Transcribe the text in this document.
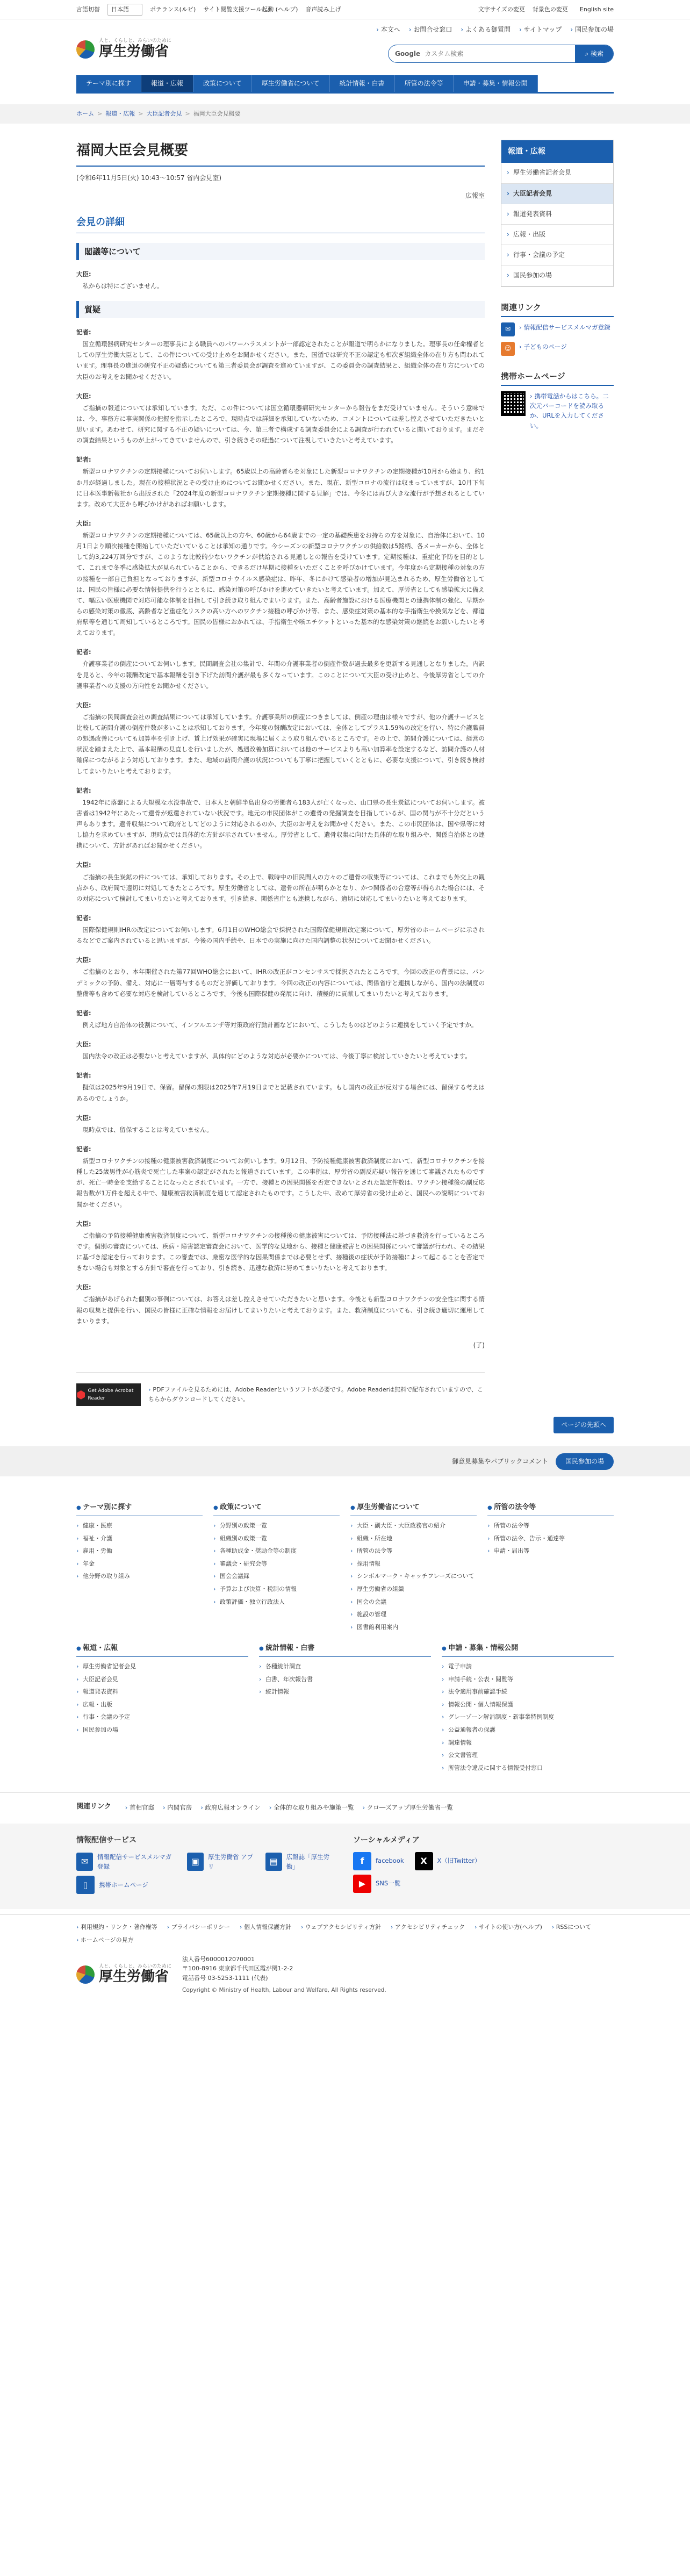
言語切替	日本語	ポテランス(ルビ) サイト閲覧支援ツール起動 (ヘルプ) 音声読み上げ	文字サイズの変更 背景色の変更 English site
人と、くらしと、みらいのために
厚生労働省
› 本文へ	› お問合せ窓口	› よくある御質問	› サイトマップ	› 国民参加の場
Google
カスタム検索	⌕ 検索
テーマ別に探す	報道・広報	政策について	厚生労働省について	統計情報・白書	所管の法令等	申請・募集・情報公開
ホーム > 報道・広報 > 大臣記者会見 > 福岡大臣会見概要
福岡大臣会見概要
(令和6年11月5日(火) 10:43〜10:57 省内会見室)
広報室
会見の詳細
閣議等について
大臣:

私からは特にございません。

質疑
記者:

国立循環器病研究センターの理事長による職員へのパワーハラスメントが一部認定されたことが報道で明らかになりました。理事長の任命権者としての厚生労働大臣として、この件についての受け止めをお聞かせください。また、国循では研究不正の認定も相次ぎ組織全体の在り方も問われています。理事長の進退の研究不正の疑惑についても第三者委員会が調査を進めていますが、この委員会の調査結果と、組織全体の在り方についての大臣のお考えをお聞かせください。

大臣:

ご指摘の報道については承知しています。ただ、この件については国立循環器病研究センターから報告をまだ受けていません。そういう意味では、今、事務方に事実関係の把握を指示したところで、現時点では詳細を承知していないため、コメントについては差し控えさせていただきたいと思います。あわせて、研究に関する不正の疑いについては、今、第三者で構成する調査委員会による調査が行われていると聞いております。まだその調査結果というものが上がってきていませんので、引き続きその経過について注視していきたいと考えています。

記者:

新型コロナワクチンの定期接種についてお伺いします。65歳以上の高齢者らを対象にした新型コロナワクチンの定期接種が10月から始まり、約1か月が経過しました。現在の接種状況とその受け止めについてお聞かせください。また、現在、新型コロナの流行は収まっていますが、10月下旬に日本医事新報社から出版された「2024年度の新型コロナワクチン定期接種に関する見解」では、今冬には再び大きな流行が予想されるとしています。改めて大臣から呼びかけがあればお願いします。

大臣:

新型コロナワクチンの定期接種については、65歳以上の方や、60歳から64歳までの一定の基礎疾患をお持ちの方を対象に、自治体において、10月1日より順次接種を開始していただいていることは承知の通りです。今シーズンの新型コロナワクチンの供給数は5銘柄、各メーカーから、全体として約3,224万回分ですが、このような比較的少ないワクチンが供給される見通しとの報告を受けています。定期接種は、重症化予防を目的として、これまで冬季に感染拡大が見られていることから、できるだけ早期に接種をいただくことを呼びかけています。今年度から定期接種の対象の方の接種を一部自己負担となっておりますが、新型コロナウイルス感染症は、昨年、冬にかけて感染者の増加が見込まれるため、厚生労働省としては、国民の皆様に必要な情報提供を行うとともに、感染対策の呼びかけを進めていきたいと考えています。加えて、厚労省としても感染拡大に備えて、幅広い医療機関で対応可能な体制を目指して引き続き取り組んでまいります。また、高齢者施設における医療機関との連携体制の強化、早期からの感染対策の徹底、高齢者など重症化リスクの高い方へのワクチン接種の呼びかけ等、また、感染症対策の基本的な手指衛生や換気などを、都道府県等を通じて周知しているところです。国民の皆様におかれては、手指衛生や咳エチケットといった基本的な感染対策の継続をお願いしたいと考えております。

記者:

介護事業者の倒産についてお伺いします。民間調査会社の集計で、年間の介護事業者の倒産件数が過去最多を更新する見通しとなりました。内訳を見ると、今年の報酬改定で基本報酬を引き下げた訪問介護が最も多くなっています。このことについて大臣の受け止めと、今後厚労省としての介護事業者への支援の方向性をお聞かせください。

大臣:

ご指摘の民間調査会社の調査結果については承知しています。介護事業所の倒産につきましては、倒産の理由は様々ですが、他の介護サービスと比較して訪問介護の倒産件数が多いことは承知しております。今年度の報酬改定においては、全体としてプラス1.59%の改定を行い、特に介護職員の処遇改善についても加算率を引き上げ、賃上げ効果が確実に現場に届くよう取り組んでいるところです。その上で、訪問介護については、経営の状況を踏まえた上で、基本報酬の見直しを行いましたが、処遇改善加算においては他のサービスよりも高い加算率を設定するなど、訪問介護の人材確保につながるよう対応しております。また、地域の訪問介護の状況についても丁寧に把握していくとともに、必要な支援について、引き続き検討してまいりたいと考えております。

記者:

1942年に落盤による大規模な水没事故で、日本人と朝鮮半島出身の労働者ら183人が亡くなった、山口県の長生炭鉱についてお伺いします。被害者は1942年にあたって遺骨が返還されていない状況です。地元の市民団体がこの遺骨の発掘調査を目指しているが、国の関与が不十分だという声もあります。遺骨収集について政府としてどのように対応されるのか、大臣のお考えをお聞かせください。また、この市民団体は、国や県等に対し協力を求めていますが、現時点では具体的な方針が示されていません。厚労省として、遺骨収集に向けた具体的な取り組みや、関係自治体との連携について、方針があればお聞かせください。

大臣:

ご指摘の長生炭鉱の件については、承知しております。その上で、戦時中の旧民間人の方々のご遺骨の収集等については、これまでも外交上の観点から、政府間で適切に対処してきたところです。厚生労働省としては、遺骨の所在が明らかとなり、かつ関係者の合意等が得られた場合には、その対応について検討してまいりたいと考えております。引き続き、関係省庁とも連携しながら、適切に対応してまいりたいと考えております。

記者:

国際保健規則IHRの改定についてお伺いします。6月1日のWHO総会で採択された国際保健規則改定案について、厚労省のホームページに示されるなどでご案内されていると思いますが、今後の国内手続や、日本での実施に向けた国内調整の状況についてお聞かせください。

大臣:

ご指摘のとおり、本年開催された第77回WHO総会において、IHRの改正がコンセンサスで採択されたところです。今回の改正の背景には、パンデミックの予防、備え、対応に一層寄与するものだと評価しております。今回の改正の内容については、関係省庁と連携しながら、国内の法制度の整備等も含めて必要な対応を検討しているところです。今後も国際保健の発展に向け、積極的に貢献してまいりたいと考えております。

記者:

例えば地方自治体の役割について、インフルエンザ等対策政府行動計画などにおいて、こうしたものはどのように連携をしていく予定ですか。

大臣:

国内法令の改正は必要ないと考えていますが、具体的にどのような対応が必要かについては、今後丁寧に検討していきたいと考えています。

記者:

擬似は2025年9月19日で、保留。留保の期限は2025年7月19日までと記載されています。もし国内の改正が反対する場合には、留保する考えはあるのでしょうか。

大臣:

現時点では、留保することは考えていません。

記者:

新型コロナワクチンの接種の健康被害救済制度についてお伺いします。9月12日、予防接種健康被害救済制度において、新型コロナワクチンを接種した25歳男性が心筋炎で死亡した事案の認定がされたと報道されています。この事例は、厚労省の副反応疑い報告を通じて審議されたものですが、死亡一時金を支給することになったとされています。一方で、接種との因果関係を否定できないとされた認定件数は、ワクチン接種後の副反応報告数が1万件を超える中で、健康被害救済制度を通じて認定されたものです。こうした中、改めて厚労省の受け止めと、国民への説明についてお聞かせください。

大臣:

ご指摘の予防接種健康被害救済制度について、新型コロナワクチンの接種後の健康被害については、予防接種法に基づき救済を行っているところです。個別の審査については、疾病・障害認定審査会において、医学的な見地から、接種と健康被害との因果関係について審議が行われ、その結果に基づき認定を行っております。この審査では、厳密な医学的な因果関係までは必要とせず、接種後の症状が予防接種によって起こることを否定できない場合も対象とする方針で審査を行っており、引き続き、迅速な救済に努めてまいりたいと考えております。

大臣:

ご指摘があげられた個別の事例については、お答えは差し控えさせていただきたいと思います。今後とも新型コロナワクチンの安全性に関する情報の収集と提供を行い、国民の皆様に正確な情報をお届けしてまいりたいと考えております。また、救済制度についても、引き続き適切に運用してまいります。

(了)
⬢ Get Adobe Acrobat Reader
› PDFファイルを見るためには、Adobe Readerというソフトが必要です。Adobe Readerは無料で配布されていますので、こちらからダウンロードしてください。
報道・広報
› 厚生労働省記者会見
› 大臣記者会見
› 報道発表資料
› 広報・出版
› 行事・会議の予定
› 国民参加の場
関連リンク
✉	› 情報配信サービスメルマガ登録
☺	› 子どものページ
携帯ホームページ
› 携帯電話からはこちら。二次元バーコードを読み取るか、URLを入力してください。
ページの先頭へ
御意見募集やパブリックコメント	国民参加の場
● テーマ別に探す
› 健康・医療
› 福祉・介護
› 雇用・労働
› 年金
› 他分野の取り組み
● 政策について
› 分野別の政策一覧
› 組織別の政策一覧
› 各種助成金・奨励金等の制度
› 審議会・研究会等
› 国会会議録
› 予算および決算・税制の情報
› 政策評価・独立行政法人
● 厚生労働省について
› 大臣・副大臣・大臣政務官の紹介
› 組織・所在地
› 所管の法令等
› 採用情報
› シンボルマーク・キャッチフレーズについて
› 厚生労働省の組織
› 国会の会議
› 施設の管理
› 図書館利用案内
● 所管の法令等
› 所管の法令等
› 所管の法令、告示・通達等
› 申請・届出等
● 報道・広報
› 厚生労働省記者会見
› 大臣記者会見
› 報道発表資料
› 広報・出版
› 行事・会議の予定
› 国民参加の場
● 統計情報・白書
› 各種統計調査
› 白書、年次報告書
› 統計情報
● 申請・募集・情報公開
› 電子申請
› 申請手続・公表・閲覧等
› 法令適用事前確認手続
› 情報公開・個人情報保護
› グレーゾーン解消制度・新事業特例制度
› 公益通報者の保護
› 調達情報
› 公文書管理
› 所管法令違反に関する情報受付窓口
関連リンク	› 首相官邸	› 内閣官房	› 政府広報オンライン	› 全体的な取り組みや施策一覧	› クロ―ズアップ厚生労働省一覧
情報配信サービス
✉	情報配信サービスメルマガ登録	▣	厚生労働省 アプリ	▤	広報誌「厚生労働」
▯	携帯ホームページ
ソーシャルメディア
f	facebook	X	X（旧Twitter）
▶	SNS一覧
› 利用規約・リンク・著作権等	› プライバシーポリシー	› 個人情報保護方針	› ウェブアクセシビリティ方針	› アクセシビリティチェック	› サイトの使い方(ヘルプ)	› RSSについて
› ホームページの見方
人と、くらしと、みらいのために
厚生労働省
法人番号6000012070001
〒100-8916 東京都千代田区霞が関1-2-2
電話番号 03-5253-1111 (代表)
Copyright © Ministry of Health, Labour and Welfare, All Rights reserved.
